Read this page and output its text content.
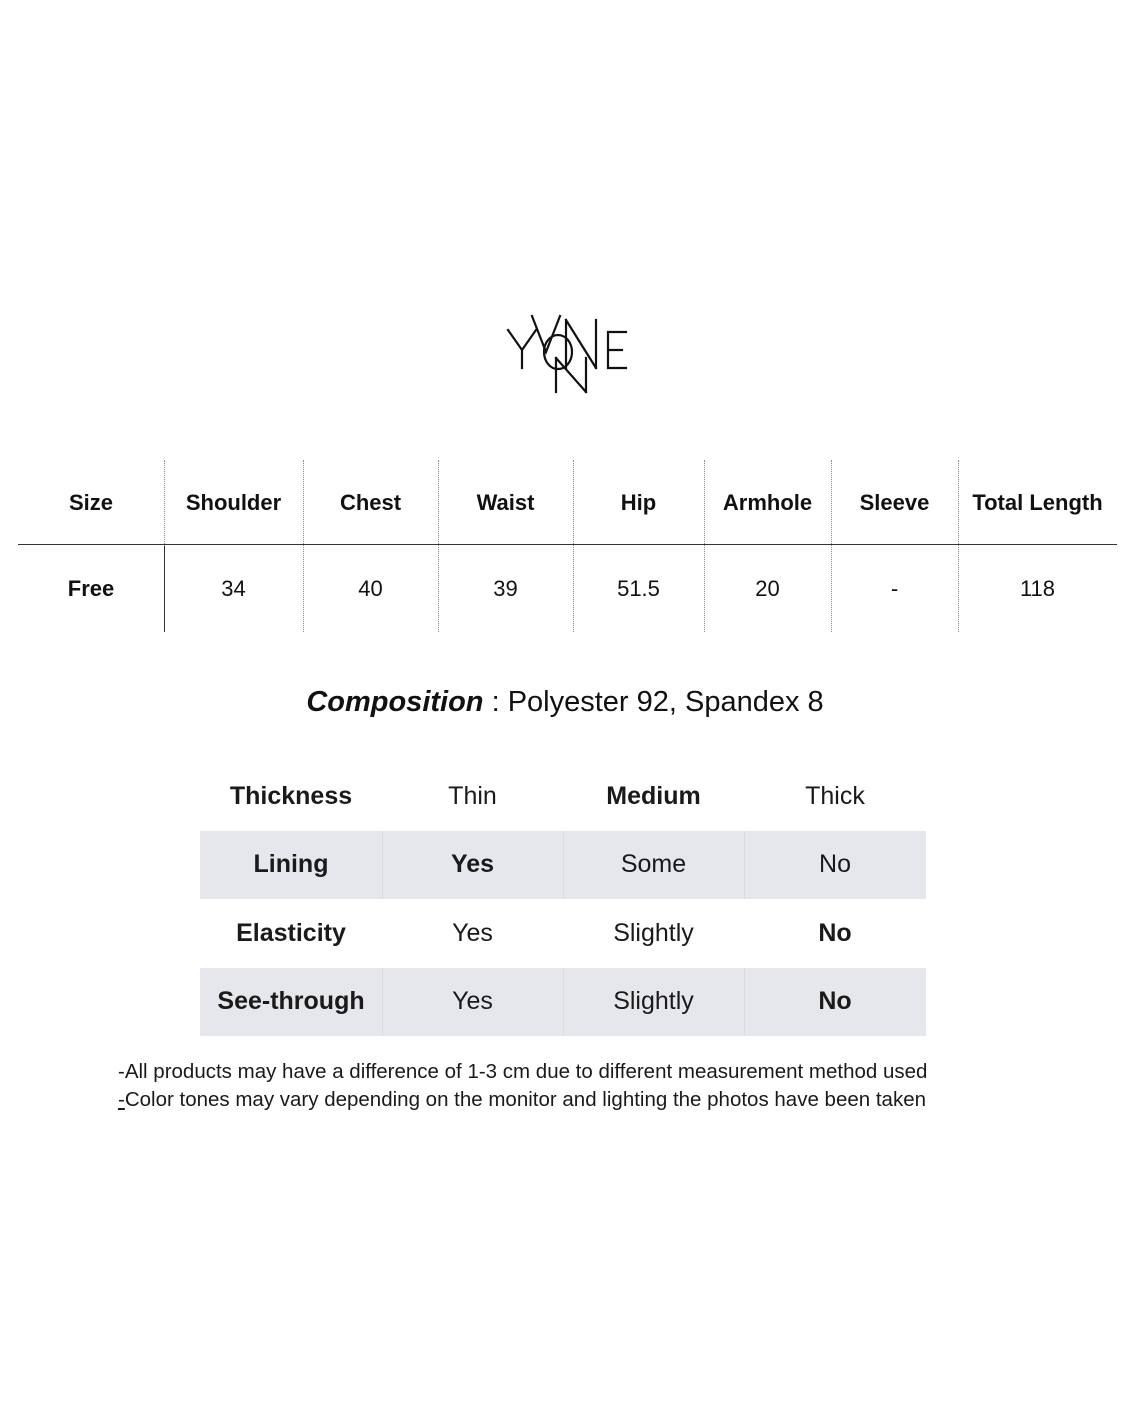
Size	Shoulder	Chest	Waist	Hip	Armhole	Sleeve	Total Length
Free	34	40	39	51.5	20	-	118
Composition : Polyester 92, Spandex 8
Thickness	Thin	Medium	Thick
Lining	Yes	Some	No
Elasticity	Yes	Slightly	No
See-through	Yes	Slightly	No
-All products may have a difference of 1-3 cm due to different measurement method used
-Color tones may vary depending on the monitor and lighting the photos have been taken
